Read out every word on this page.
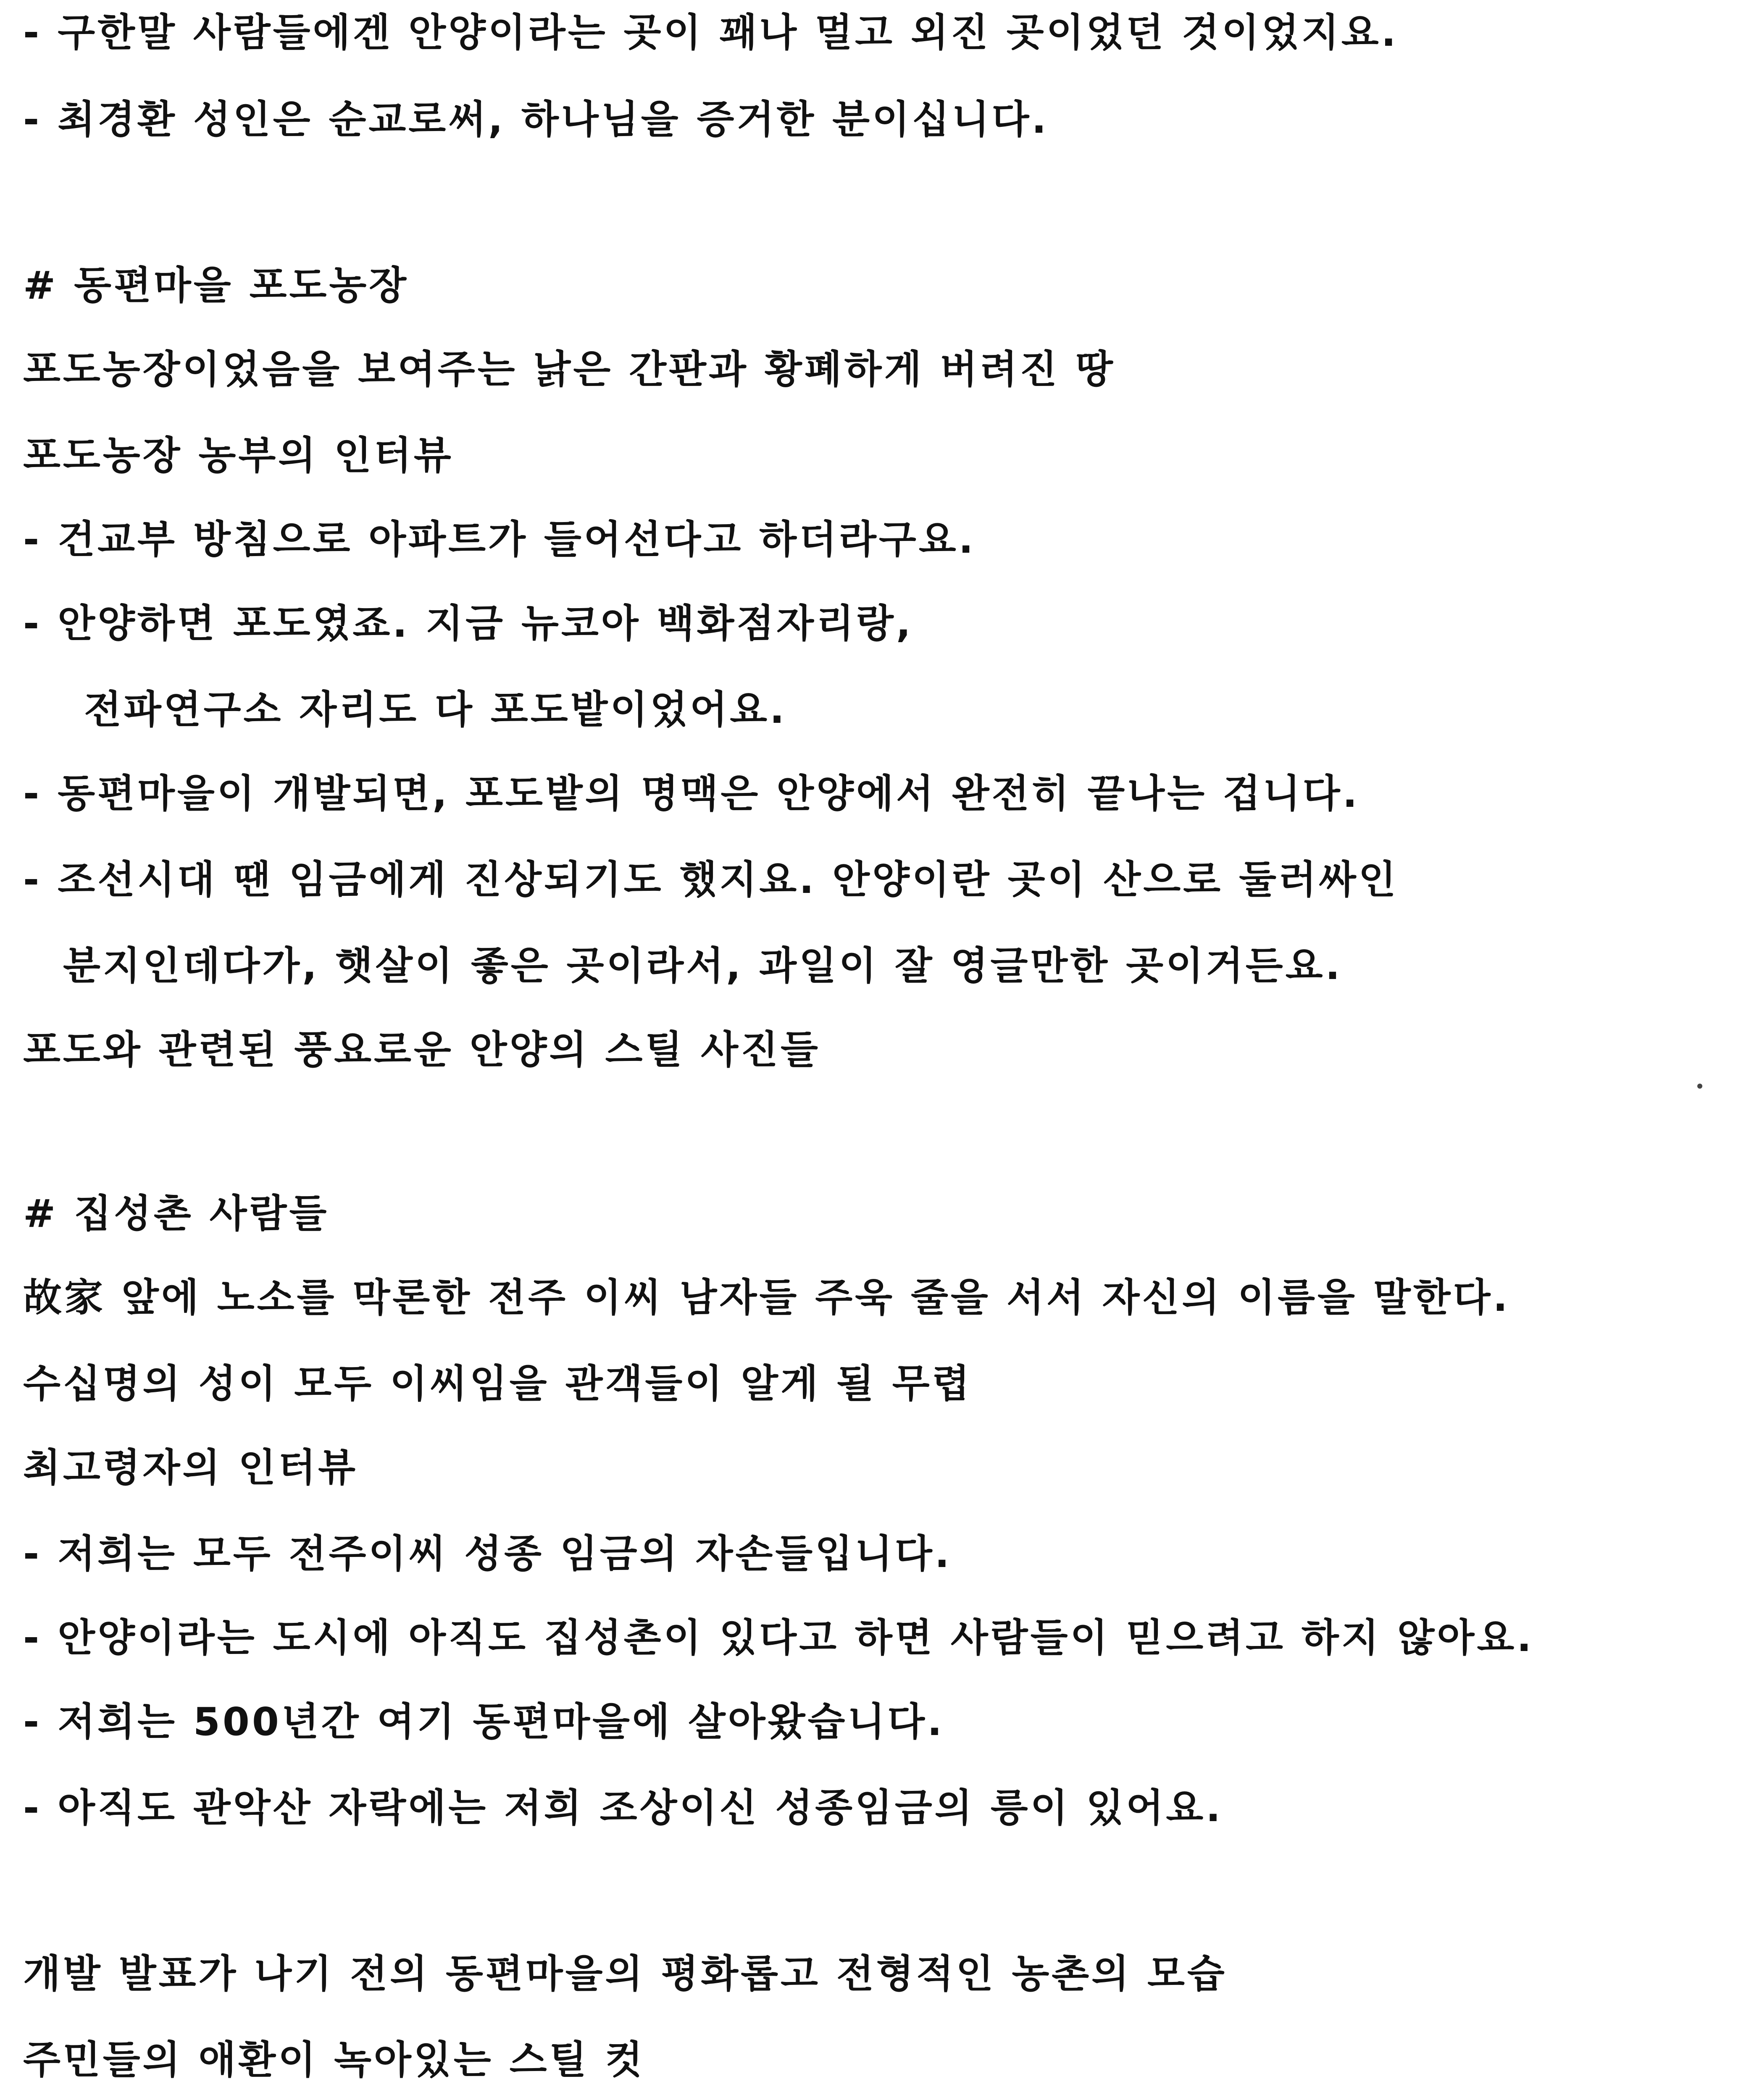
- 구한말 사람들에겐 안양이라는 곳이 꽤나 멀고 외진 곳이었던 것이었지요.
- 최경환 성인은 순교로써, 하나님을 증거한 분이십니다.
# 동편마을 포도농장
포도농장이었음을 보여주는 낡은 간판과 황폐하게 버려진 땅
포도농장 농부의 인터뷰
- 건교부 방침으로 아파트가 들어선다고 하더라구요.
- 안양하면 포도였죠. 지금 뉴코아 백화점자리랑,
전파연구소 자리도 다 포도밭이었어요.
- 동편마을이 개발되면, 포도밭의 명맥은 안양에서 완전히 끝나는 겁니다.
- 조선시대 땐 임금에게 진상되기도 했지요. 안양이란 곳이 산으로 둘러싸인
분지인데다가, 햇살이 좋은 곳이라서, 과일이 잘 영글만한 곳이거든요.
포도와 관련된 풍요로운 안양의 스틸 사진들
# 집성촌 사람들
故家 앞에 노소를 막론한 전주 이씨 남자들 주욱 줄을 서서 자신의 이름을 말한다.
수십명의 성이 모두 이씨임을 관객들이 알게 될 무렵
최고령자의 인터뷰
- 저희는 모두 전주이씨 성종 임금의 자손들입니다.
- 안양이라는 도시에 아직도 집성촌이 있다고 하면 사람들이 믿으려고 하지 않아요.
- 저희는 500년간 여기 동편마을에 살아왔습니다.
- 아직도 관악산 자락에는 저희 조상이신 성종임금의 릉이 있어요.
개발 발표가 나기 전의 동편마을의 평화롭고 전형적인 농촌의 모습
주민들의 애환이 녹아있는 스틸 컷
